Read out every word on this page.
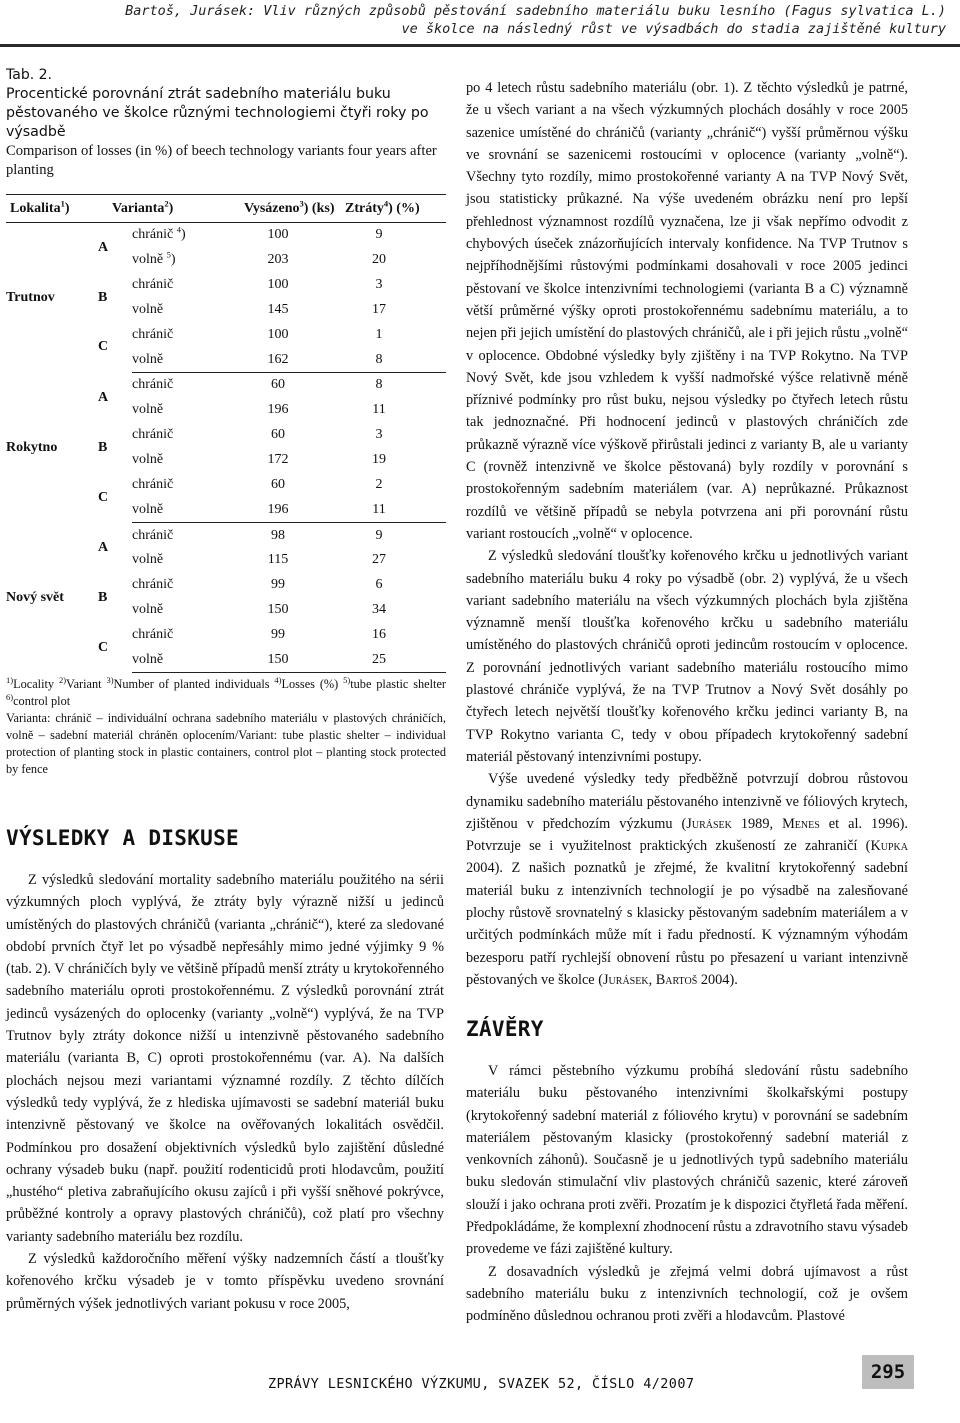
Bartoš, Jurásek: Vliv různých způsobů pěstování sadebního materiálu buku lesního (Fagus sylvatica L.)
ve školce na následný růst ve výsadbách do stadia zajištěné kultury
Tab. 2.
Procentické porovnání ztrát sadebního materiálu buku pěstovaného ve školce různými technologiemi čtyři roky po výsadbě
Comparison of losses (in %) of beech technology variants four years after planting
Lokalita$^1$)	Varianta$^2$)		Vysázeno$^3$) (ks) Ztráty$^4$) (%)	
Trutnov	A	chránič $^4$)	100	9
		volně $^5$)	203	20
	B	chránič	100	3
		volně	145	17
	C	chránič	100	1
		volně	162	8
Rokytno	A	chránič	60	8
		volně	196	11
	B	chránič	60	3
		volně	172	19
	C	chránič	60	2
		volně	196	11
Nový svět	A	chránič	98	9
		volně	115	27
	B	chránič	99	6
		volně	150	34
	C	chránič	99	16
		volně	150	25
$^{1)}$Locality $^{2)}$Variant $^{3)}$Number of planted individuals $^{4)}$Losses (%) $^{5)}$tube plastic shelter $^{6)}$control plot
Varianta: chránič – individuální ochrana sadebního materiálu v plastových chráničích, volně – sadební materiál chráněn oplocením/Variant: tube plastic shelter – individual protection of planting stock in plastic containers, control plot – planting stock protected by fence
VÝSLEDKY A DISKUSE

Z výsledků sledování mortality sadebního materiálu použitého na sérii výzkumných ploch vyplývá, že ztráty byly výrazně nižší u jedinců umístěných do plastových chráničů (varianta „chránič“), které za sledované období prvních čtyř let po výsadbě nepřesáhly mimo jedné výjimky 9 % (tab. 2). V chráničích byly ve většině případů menší ztráty u krytokořenného sadebního materiálu oproti prostokořennému. Z výsledků porovnání ztrát jedinců vysázených do oplocenky (varianty „volně“) vyplývá, že na TVP Trutnov byly ztráty dokonce nižší u intenzivně pěstovaného sadebního materiálu (varianta B, C) oproti prostokořennému (var. A). Na dalších plochách nejsou mezi variantami významné rozdíly. Z těchto dílčích výsledků tedy vyplývá, že z hlediska ujímavosti se sadební materiál buku intenzivně pěstovaný ve školce na ověřovaných lokalitách osvědčil. Podmínkou pro dosažení objektivních výsledků bylo zajištění důsledné ochrany výsadeb buku (např. použití rodenticidů proti hlodavcům, použití „hustého“ pletiva zabraňujícího okusu zajíců i při vyšší sněhové pokrývce, průběžné kontroly a opravy plastových chráničů), což platí pro všechny varianty sadebního materiálu bez rozdílu.

Z výsledků každoročního měření výšky nadzemních částí a tloušťky kořenového krčku výsadeb je v tomto příspěvku uvedeno srovnání průměrných výšek jednotlivých variant pokusu v roce 2005,

po 4 letech růstu sadebního materiálu (obr. 1). Z těchto výsledků je patrné, že u všech variant a na všech výzkumných plochách dosáhly v roce 2005 sazenice umístěné do chráničů (varianty „chránič“) vyšší průměrnou výšku ve srovnání se sazenicemi rostoucími v oplocence (varianty „volně“). Všechny tyto rozdíly, mimo prostokořenné varianty A na TVP Nový Svět, jsou statisticky průkazné. Na výše uvedeném obrázku není pro lepší přehlednost významnost rozdílů vyznačena, lze ji však nepřímo odvodit z chybových úseček znázorňujících intervaly konfidence. Na TVP Trutnov s nejpříhodnějšími růstovými podmínkami dosahovali v roce 2005 jedinci pěstovaní ve školce intenzivními technologiemi (varianta B a C) významně větší průměrné výšky oproti prostokořennému sadebnímu materiálu, a to nejen při jejich umístění do plastových chráničů, ale i při jejich růstu „volně“ v oplocence. Obdobné výsledky byly zjištěny i na TVP Rokytno. Na TVP Nový Svět, kde jsou vzhledem k vyšší nadmořské výšce relativně méně příznivé podmínky pro růst buku, nejsou výsledky po čtyřech letech růstu tak jednoznačné. Při hodnocení jedinců v plastových chráničích zde průkazně výrazně více výškově přirůstali jedinci z varianty B, ale u varianty C (rovněž intenzivně ve školce pěstovaná) byly rozdíly v porovnání s prostokořenným sadebním materiálem (var. A) neprůkazné. Průkaznost rozdílů ve většině případů se nebyla potvrzena ani při porovnání růstu variant rostoucích „volně“ v oplocence.

Z výsledků sledování tloušťky kořenového krčku u jednotlivých variant sadebního materiálu buku 4 roky po výsadbě (obr. 2) vyplývá, že u všech variant sadebního materiálu na všech výzkumných plochách byla zjištěna významně menší tloušťka kořenového krčku u sadebního materiálu umístěného do plastových chráničů oproti jedincům rostoucím v oplocence. Z porovnání jednotlivých variant sadebního materiálu rostoucího mimo plastové chrániče vyplývá, že na TVP Trutnov a Nový Svět dosáhly po čtyřech letech největší tloušťky kořenového krčku jedinci varianty B, na TVP Rokytno varianta C, tedy v obou případech krytokořenný sadební materiál pěstovaný intenzivními postupy.

Výše uvedené výsledky tedy předběžně potvrzují dobrou růstovou dynamiku sadebního materiálu pěstovaného intenzivně ve fóliových krytech, zjištěnou v předchozím výzkumu (Jurásek 1989, Menes et al. 1996). Potvrzuje se i využitelnost praktických zkušeností ze zahraničí (Kupka 2004). Z našich poznatků je zřejmé, že kvalitní krytokořenný sadební materiál buku z intenzivních technologií je po výsadbě na zalesňované plochy růstově srovnatelný s klasicky pěstovaným sadebním materiálem a v určitých podmínkách může mít i řadu předností. K významným výhodám bezesporu patří rychlejší obnovení růstu po přesazení u variant intenzivně pěstovaných ve školce (Jurásek, Bartoš 2004).

ZÁVĚRY

V rámci pěstebního výzkumu probíhá sledování růstu sadebního materiálu buku pěstovaného intenzivními školkařskými postupy (krytokořenný sadební materiál z fóliového krytu) v porovnání se sadebním materiálem pěstovaným klasicky (prostokořenný sadební materiál z venkovních záhonů). Současně je u jednotlivých typů sadebního materiálu buku sledován stimulační vliv plastových chráničů sazenic, které zároveň slouží i jako ochrana proti zvěři. Prozatím je k dispozici čtyřletá řada měření. Předpokládáme, že komplexní zhodnocení růstu a zdravotního stavu výsadeb provedeme ve fázi zajištěné kultury.

Z dosavadních výsledků je zřejmá velmi dobrá ujímavost a růst sadebního materiálu buku z intenzivních technologií, což je ovšem podmíněno důslednou ochranou proti zvěři a hlodavcům. Plastové

ZPRÁVY LESNICKÉHO VÝZKUMU, SVAZEK 52, ČÍSLO 4/2007
295
